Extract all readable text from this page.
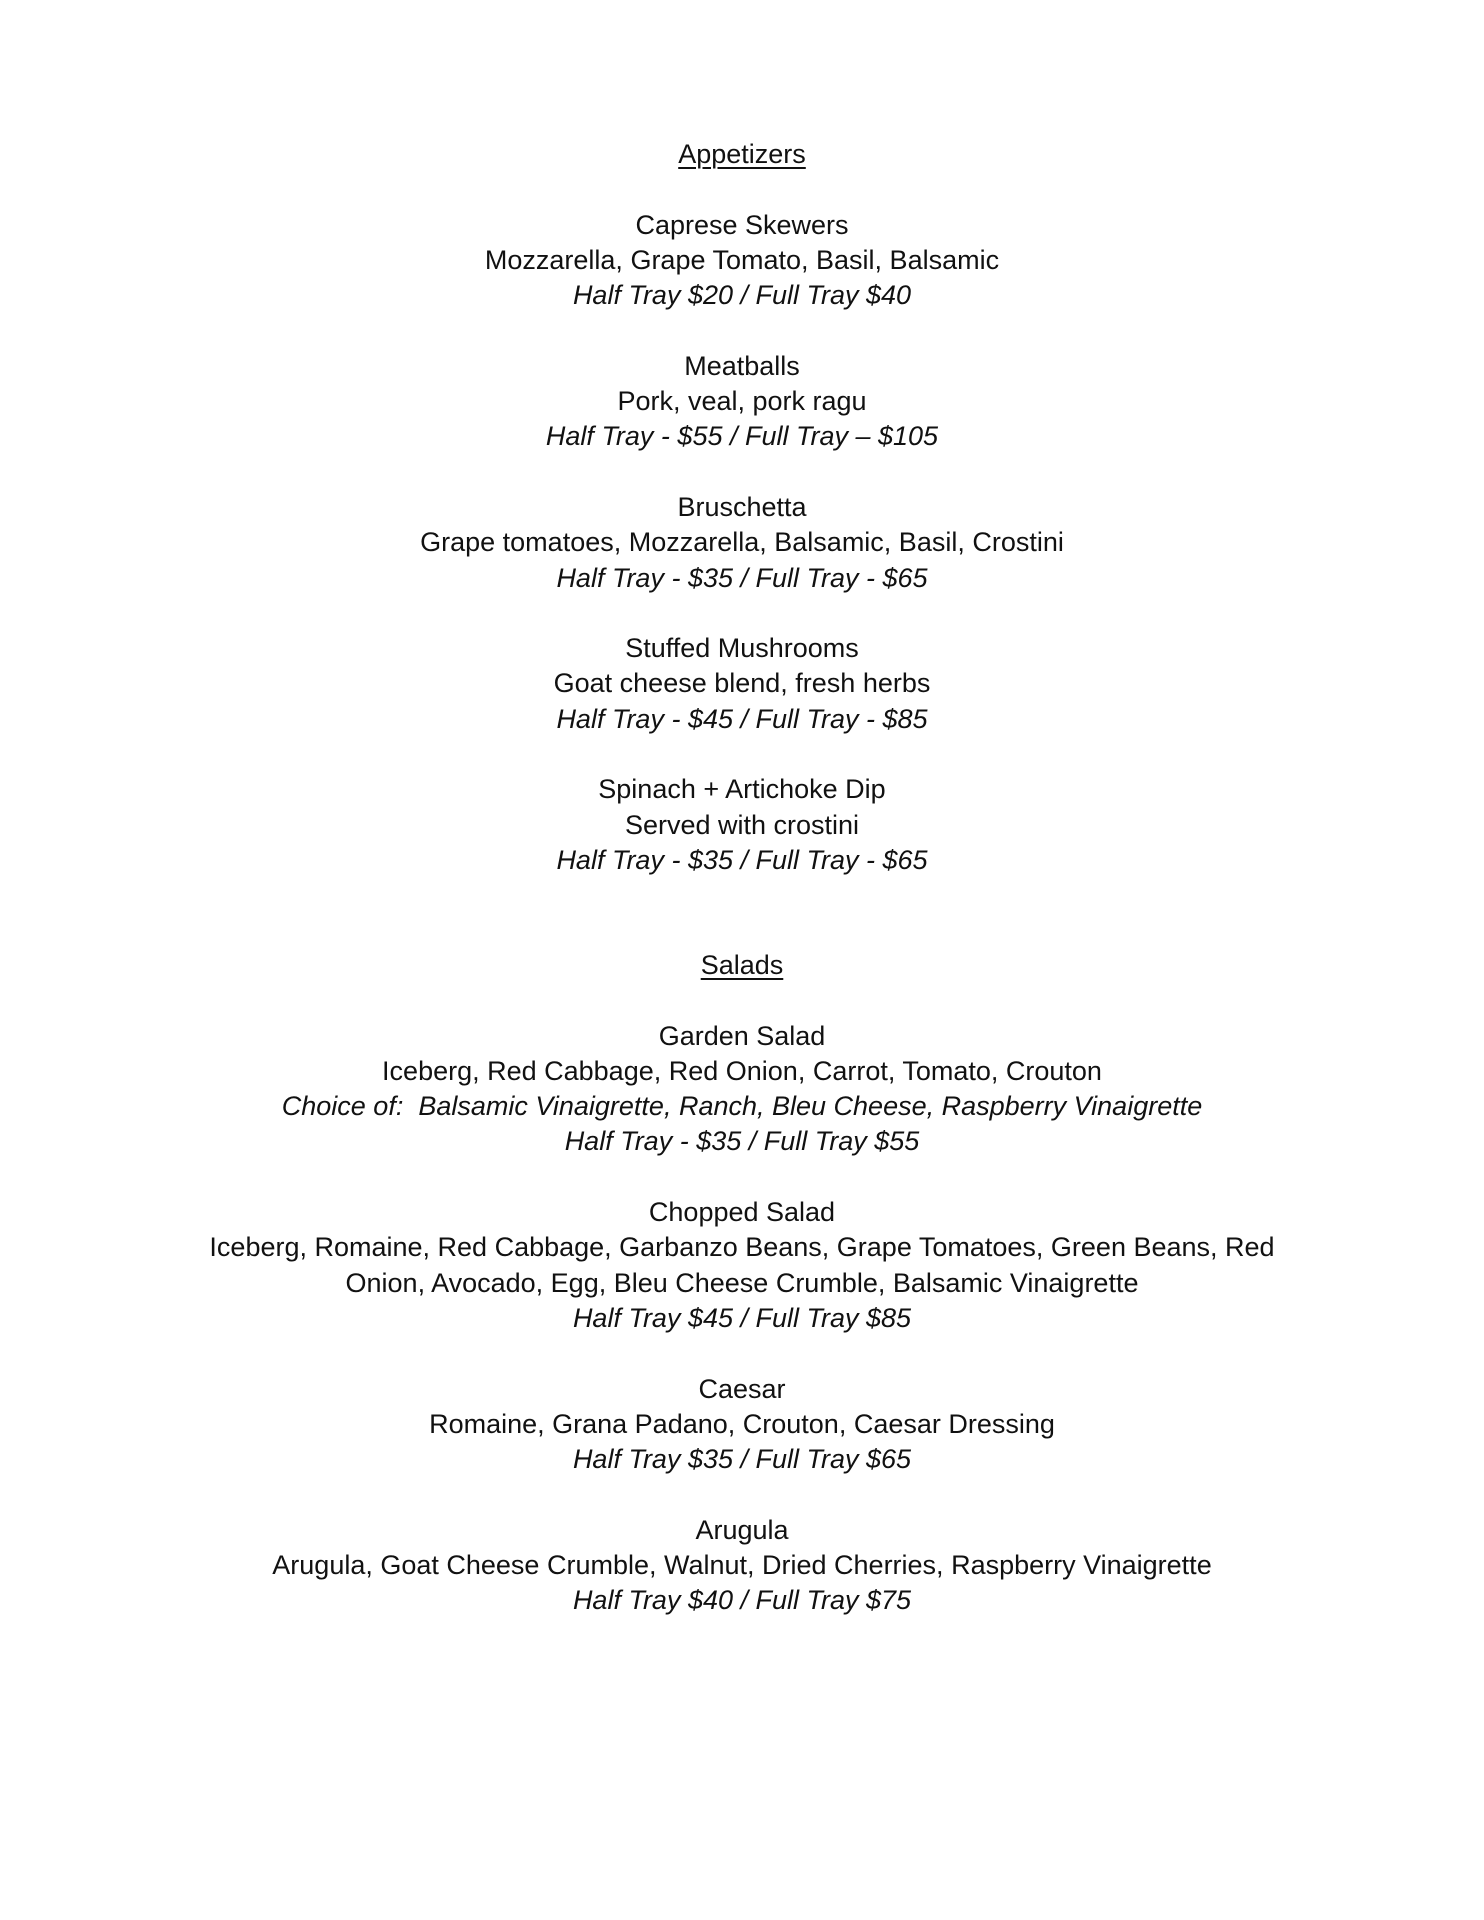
Appetizers
Caprese Skewers
Mozzarella, Grape Tomato, Basil, Balsamic
Half Tray $20 / Full Tray $40
Meatballs
Pork, veal, pork ragu
Half Tray - $55 / Full Tray – $105
Bruschetta
Grape tomatoes, Mozzarella, Balsamic, Basil, Crostini
Half Tray - $35 / Full Tray - $65
Stuffed Mushrooms
Goat cheese blend, fresh herbs
Half Tray - $45 / Full Tray - $85
Spinach + Artichoke Dip
Served with crostini
Half Tray - $35 / Full Tray - $65
Salads
Garden Salad
Iceberg, Red Cabbage, Red Onion, Carrot, Tomato, Crouton
Choice of:  Balsamic Vinaigrette, Ranch, Bleu Cheese, Raspberry Vinaigrette
Half Tray - $35 / Full Tray $55
Chopped Salad
Iceberg, Romaine, Red Cabbage, Garbanzo Beans, Grape Tomatoes, Green Beans, Red
Onion, Avocado, Egg, Bleu Cheese Crumble, Balsamic Vinaigrette
Half Tray $45 / Full Tray $85
Caesar
Romaine, Grana Padano, Crouton, Caesar Dressing
Half Tray $35 / Full Tray $65
Arugula
Arugula, Goat Cheese Crumble, Walnut, Dried Cherries, Raspberry Vinaigrette
Half Tray $40 / Full Tray $75
